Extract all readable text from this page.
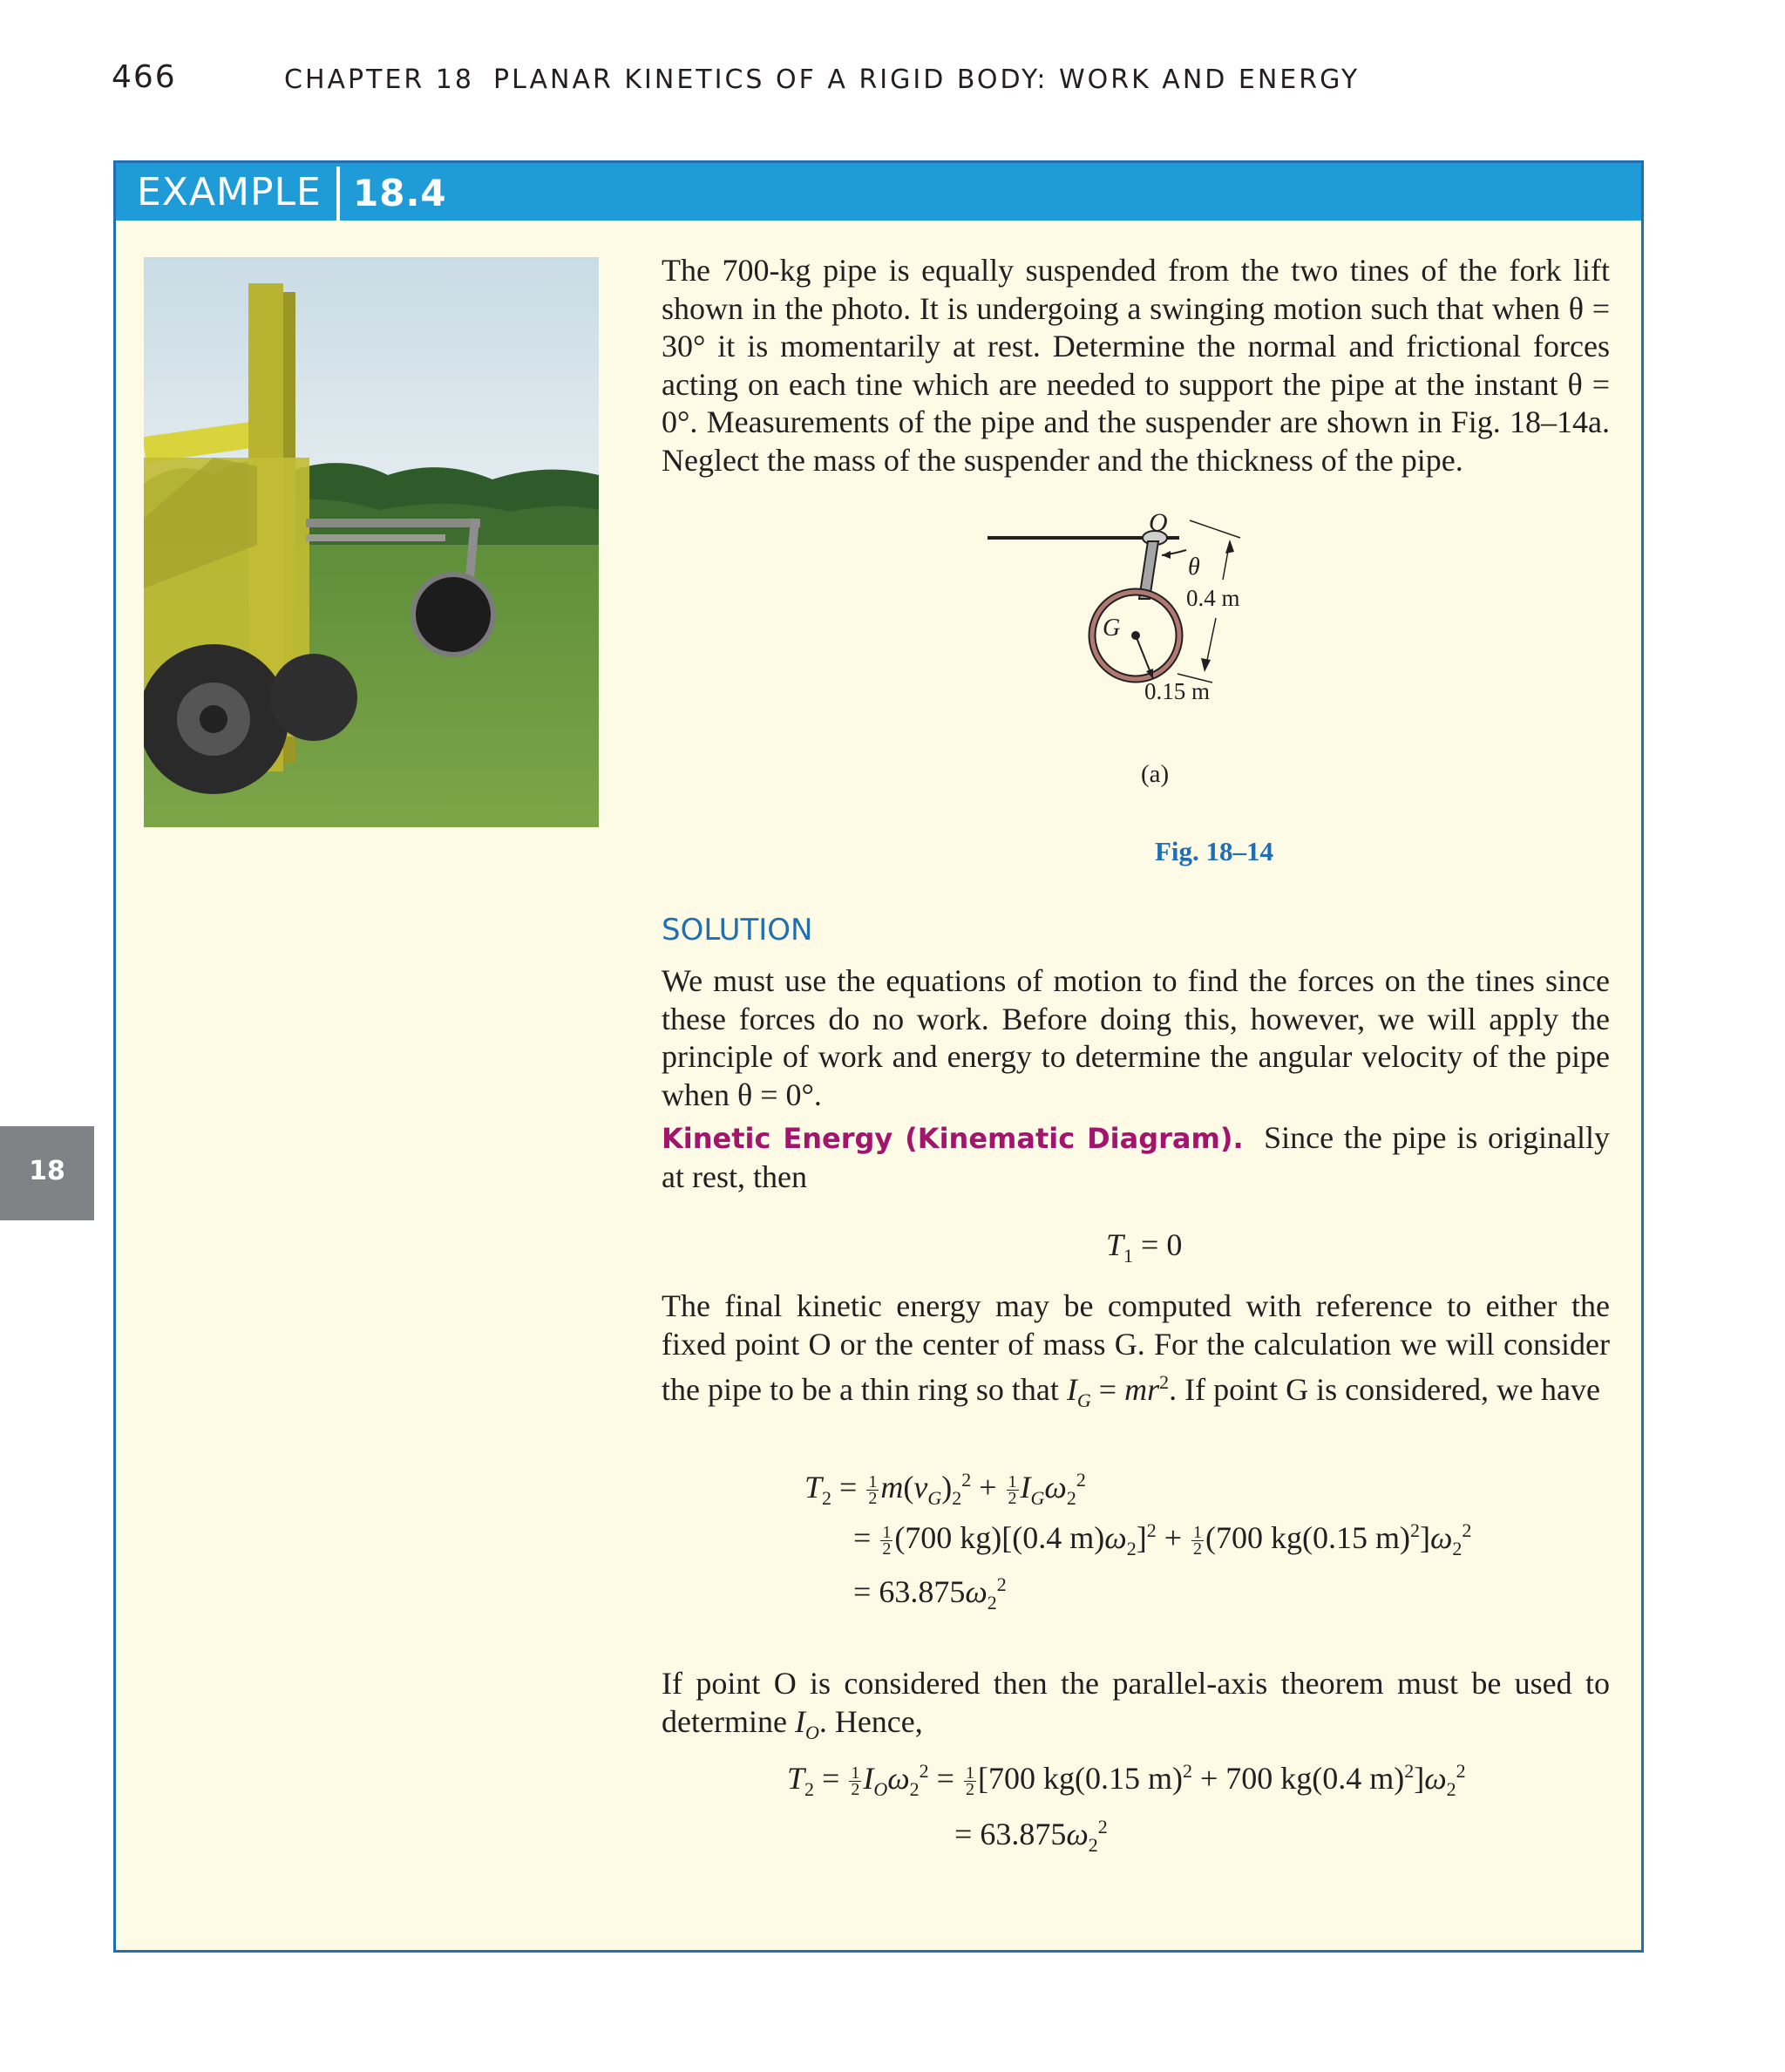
466	CHAPTER 18 PLANAR KINETICS OF A RIGID BODY: WORK AND ENERGY
18
EXAMPLE 18.4
The 700-kg pipe is equally suspended from the two tines of the fork lift shown in the photo. It is undergoing a swinging motion such that when θ = 30° it is momentarily at rest. Determine the normal and frictional forces acting on each tine which are needed to support the pipe at the instant θ = 0°. Measurements of the pipe and the suspender are shown in Fig. 18–14a. Neglect the mass of the suspender and the thickness of the pipe.
O
θ
0.4 m
G
0.15 m
(a)
Fig. 18–14
SOLUTION
We must use the equations of motion to find the forces on the tines since these forces do no work. Before doing this, however, we will apply the principle of work and energy to determine the angular velocity of the pipe when θ = 0°.
Kinetic Energy (Kinematic Diagram). Since the pipe is originally at rest, then
$T_1 = 0$
The final kinetic energy may be computed with reference to either the fixed point O or the center of mass G. For the calculation we will consider the pipe to be a thin ring so that $I_G = mr^2$. If point G is considered, we have
$T_2 = \frac{1}{2} m(v_G)_2^2 + \frac{1}{2} I_G\omega_2^2$
= $\frac{1}{2} (700$ kg)[(0.4 $m)\omega_2]^2 + \frac{1}{2} (700$ kg(0.15 $m)^2]\omega_2^2$
= $63.875\omega_2^2$
If point O is considered then the parallel-axis theorem must be used to determine $I_O$. Hence,
$T_2 = \frac{1}{2} I_O\omega_2^2 = \frac{1}{2} [700$ kg(0.15 m)$^2$ + 700 kg(0.4 $m)^2]\omega_2^2$
= $63.875\omega_2^2$
